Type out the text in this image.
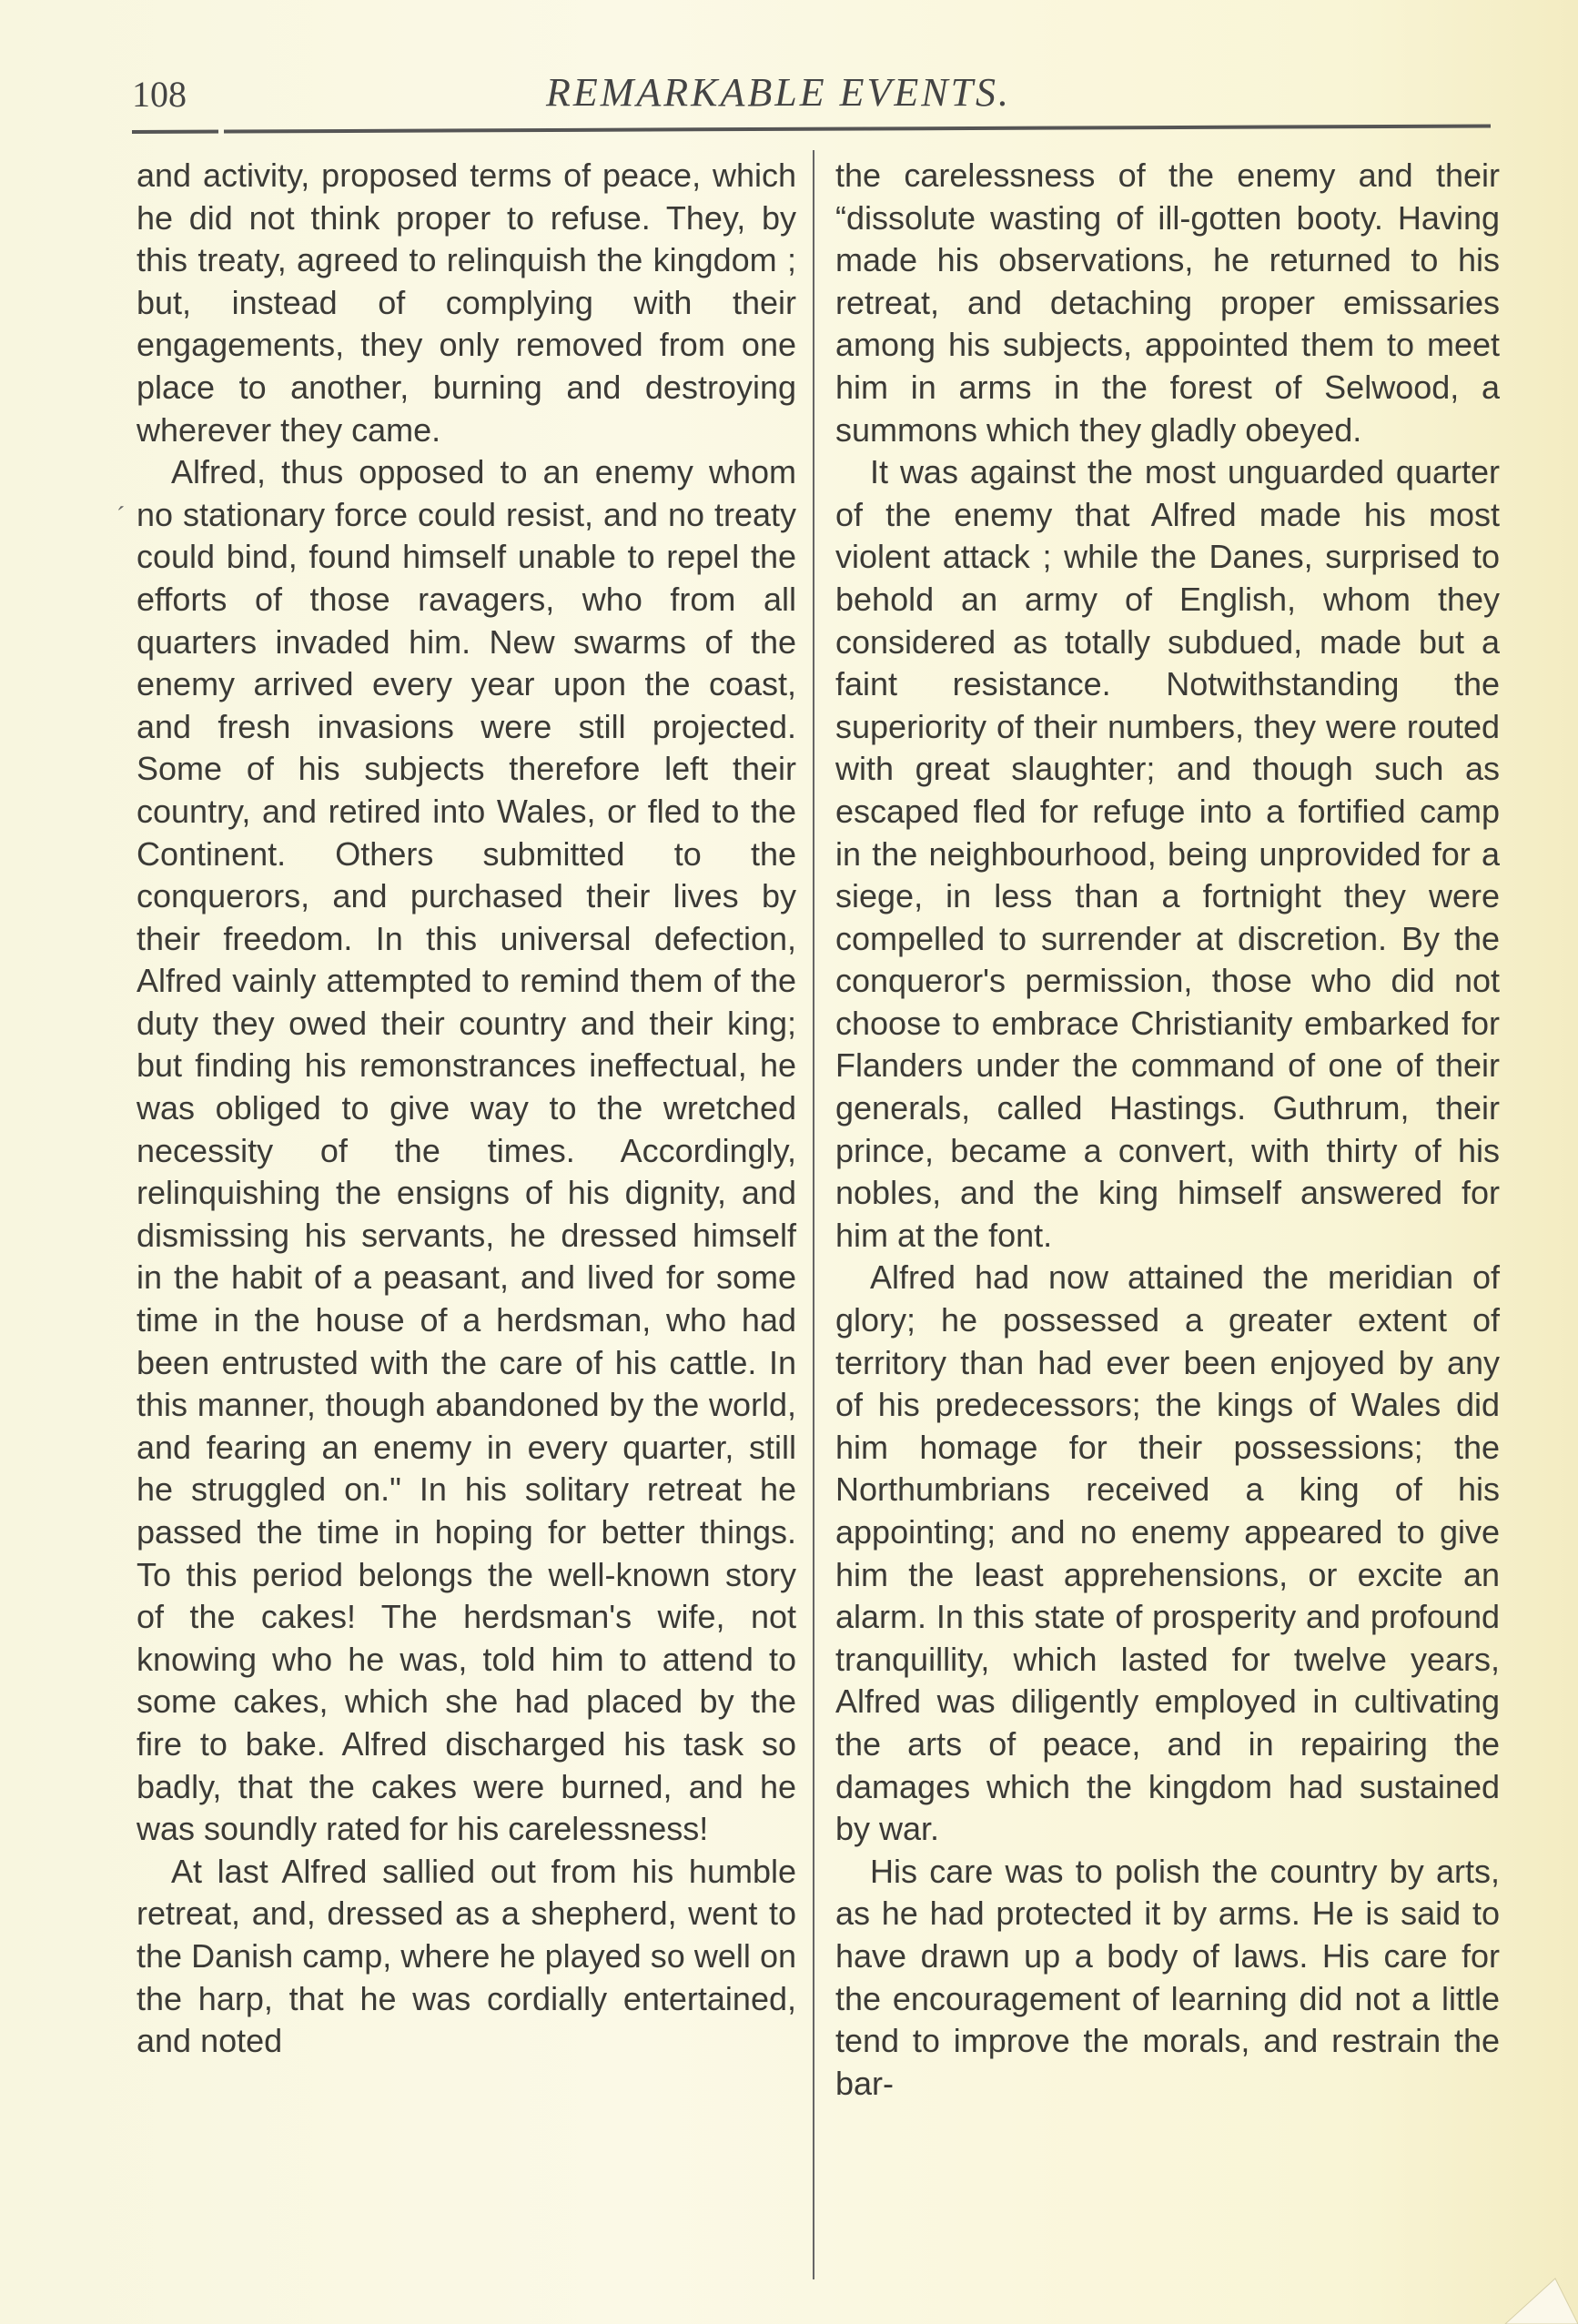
108	REMARKABLE EVENTS.
ˊ

and activity, proposed terms of peace, which he did not think proper to refuse. They, by this treaty, agreed to relinquish the kingdom ; but, instead of complying with their engagements, they only removed from one place to another, burning and destroying wherever they came.

Alfred, thus opposed to an enemy whom no stationary force could resist, and no treaty could bind, found himself unable to repel the efforts of those ravagers, who from all quarters invaded him. New swarms of the enemy arrived every year upon the coast, and fresh invasions were still projected. Some of his subjects therefore left their country, and retired into Wales, or fled to the Continent. Others submitted to the conquerors, and purchased their lives by their freedom. In this universal defection, Alfred vainly attempted to remind them of the duty they owed their country and their king; but finding his remonstrances ineffectual, he was obliged to give way to the wretched necessity of the times. Accordingly, relinquishing the ensigns of his dignity, and dismissing his servants, he dressed himself in the habit of a peasant, and lived for some time in the house of a herdsman, who had been entrusted with the care of his cattle. In this manner, though abandoned by the world, and fearing an enemy in every quarter, still he struggled on." In his solitary retreat he passed the time in hoping for better things. To this period belongs the well-known story of the cakes! The herdsman's wife, not knowing who he was, told him to attend to some cakes, which she had placed by the fire to bake. Alfred discharged his task so badly, that the cakes were burned, and he was soundly rated for his carelessness!

At last Alfred sallied out from his humble retreat, and, dressed as a shepherd, went to the Danish camp, where he played so well on the harp, that he was cordially entertained, and noted

the carelessness of the enemy and their “dissolute wasting of ill-gotten booty. Having made his observations, he returned to his retreat, and detaching proper emissaries among his subjects, appointed them to meet him in arms in the forest of Selwood, a summons which they gladly obeyed.

It was against the most unguarded quarter of the enemy that Alfred made his most violent attack ; while the Danes, surprised to behold an army of English, whom they considered as totally subdued, made but a faint resistance. Notwithstanding the superiority of their numbers, they were routed with great slaughter; and though such as escaped fled for refuge into a fortified camp in the neighbourhood, being unprovided for a siege, in less than a fortnight they were compelled to surrender at discretion. By the conqueror's permission, those who did not choose to embrace Christianity embarked for Flanders under the command of one of their generals, called Hastings. Guthrum, their prince, became a convert, with thirty of his nobles, and the king himself answered for him at the font.

Alfred had now attained the meridian of glory; he possessed a greater extent of territory than had ever been enjoyed by any of his predecessors; the kings of Wales did him homage for their possessions; the Northumbrians received a king of his appointing; and no enemy appeared to give him the least apprehensions, or excite an alarm. In this state of prosperity and profound tranquillity, which lasted for twelve years, Alfred was diligently employed in cultivating the arts of peace, and in repairing the damages which the kingdom had sustained by war.

His care was to polish the country by arts, as he had protected it by arms. He is said to have drawn up a body of laws. His care for the encouragement of learning did not a little tend to improve the morals, and restrain the bar-
